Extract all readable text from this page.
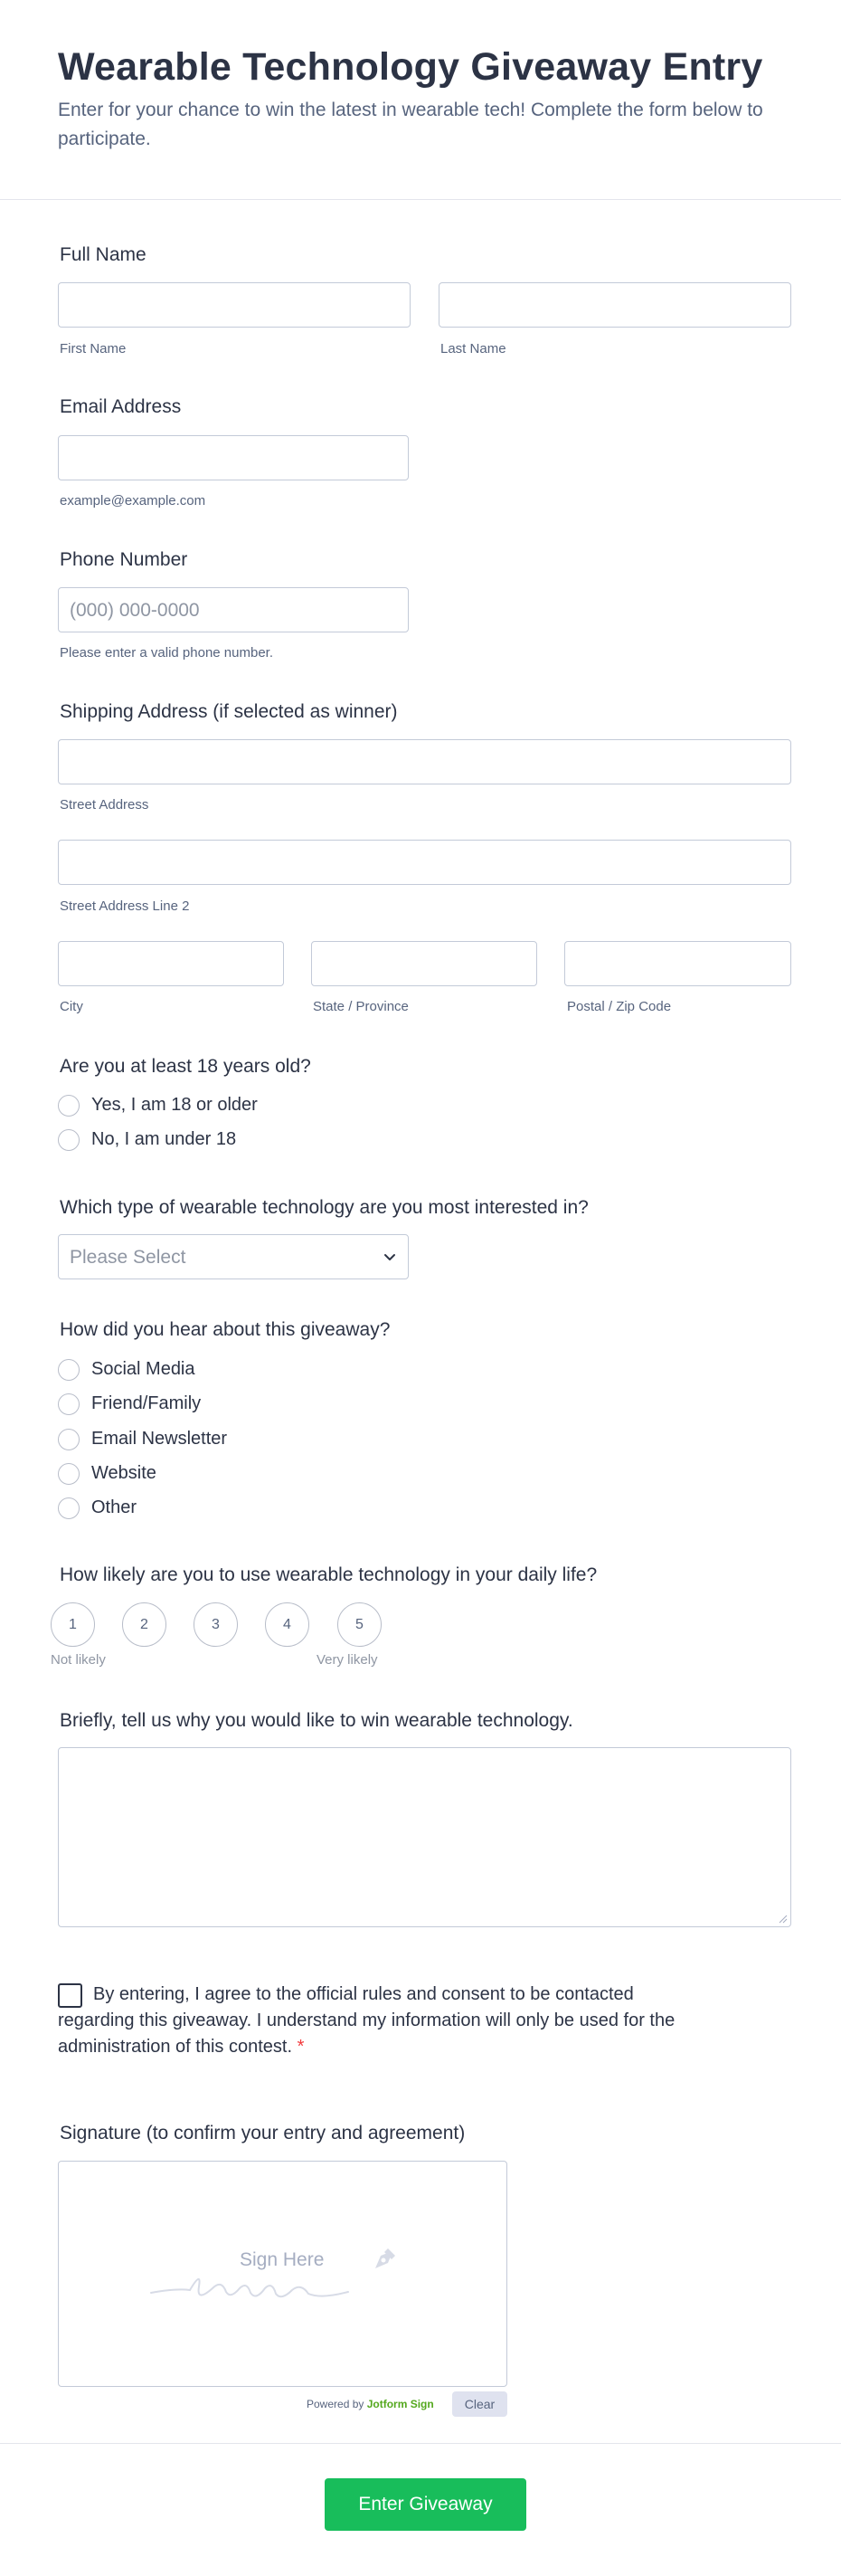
Wearable Technology Giveaway Entry
Enter for your chance to win the latest in wearable tech! Complete the form below to participate.
Full Name
First Name	Last Name
Email Address
example@example.com
Phone Number
(000) 000-0000
Please enter a valid phone number.
Shipping Address (if selected as winner)
Street Address
Street Address Line 2
City	State / Province	Postal / Zip Code
Are you at least 18 years old?
Yes, I am 18 or older
No, I am under 18
Which type of wearable technology are you most interested in?
Please Select
How did you hear about this giveaway?
Social Media
Friend/Family
Email Newsletter
Website
Other
How likely are you to use wearable technology in your daily life?
1	2	3	4	5
Not likely	Very likely
Briefly, tell us why you would like to win wearable technology.
By entering, I agree to the official rules and consent to be contacted regarding this giveaway. I understand my information will only be used for the administration of this contest. *
Signature (to confirm your entry and agreement)
Sign Here
Powered by Jotform Sign	Clear
Enter Giveaway
